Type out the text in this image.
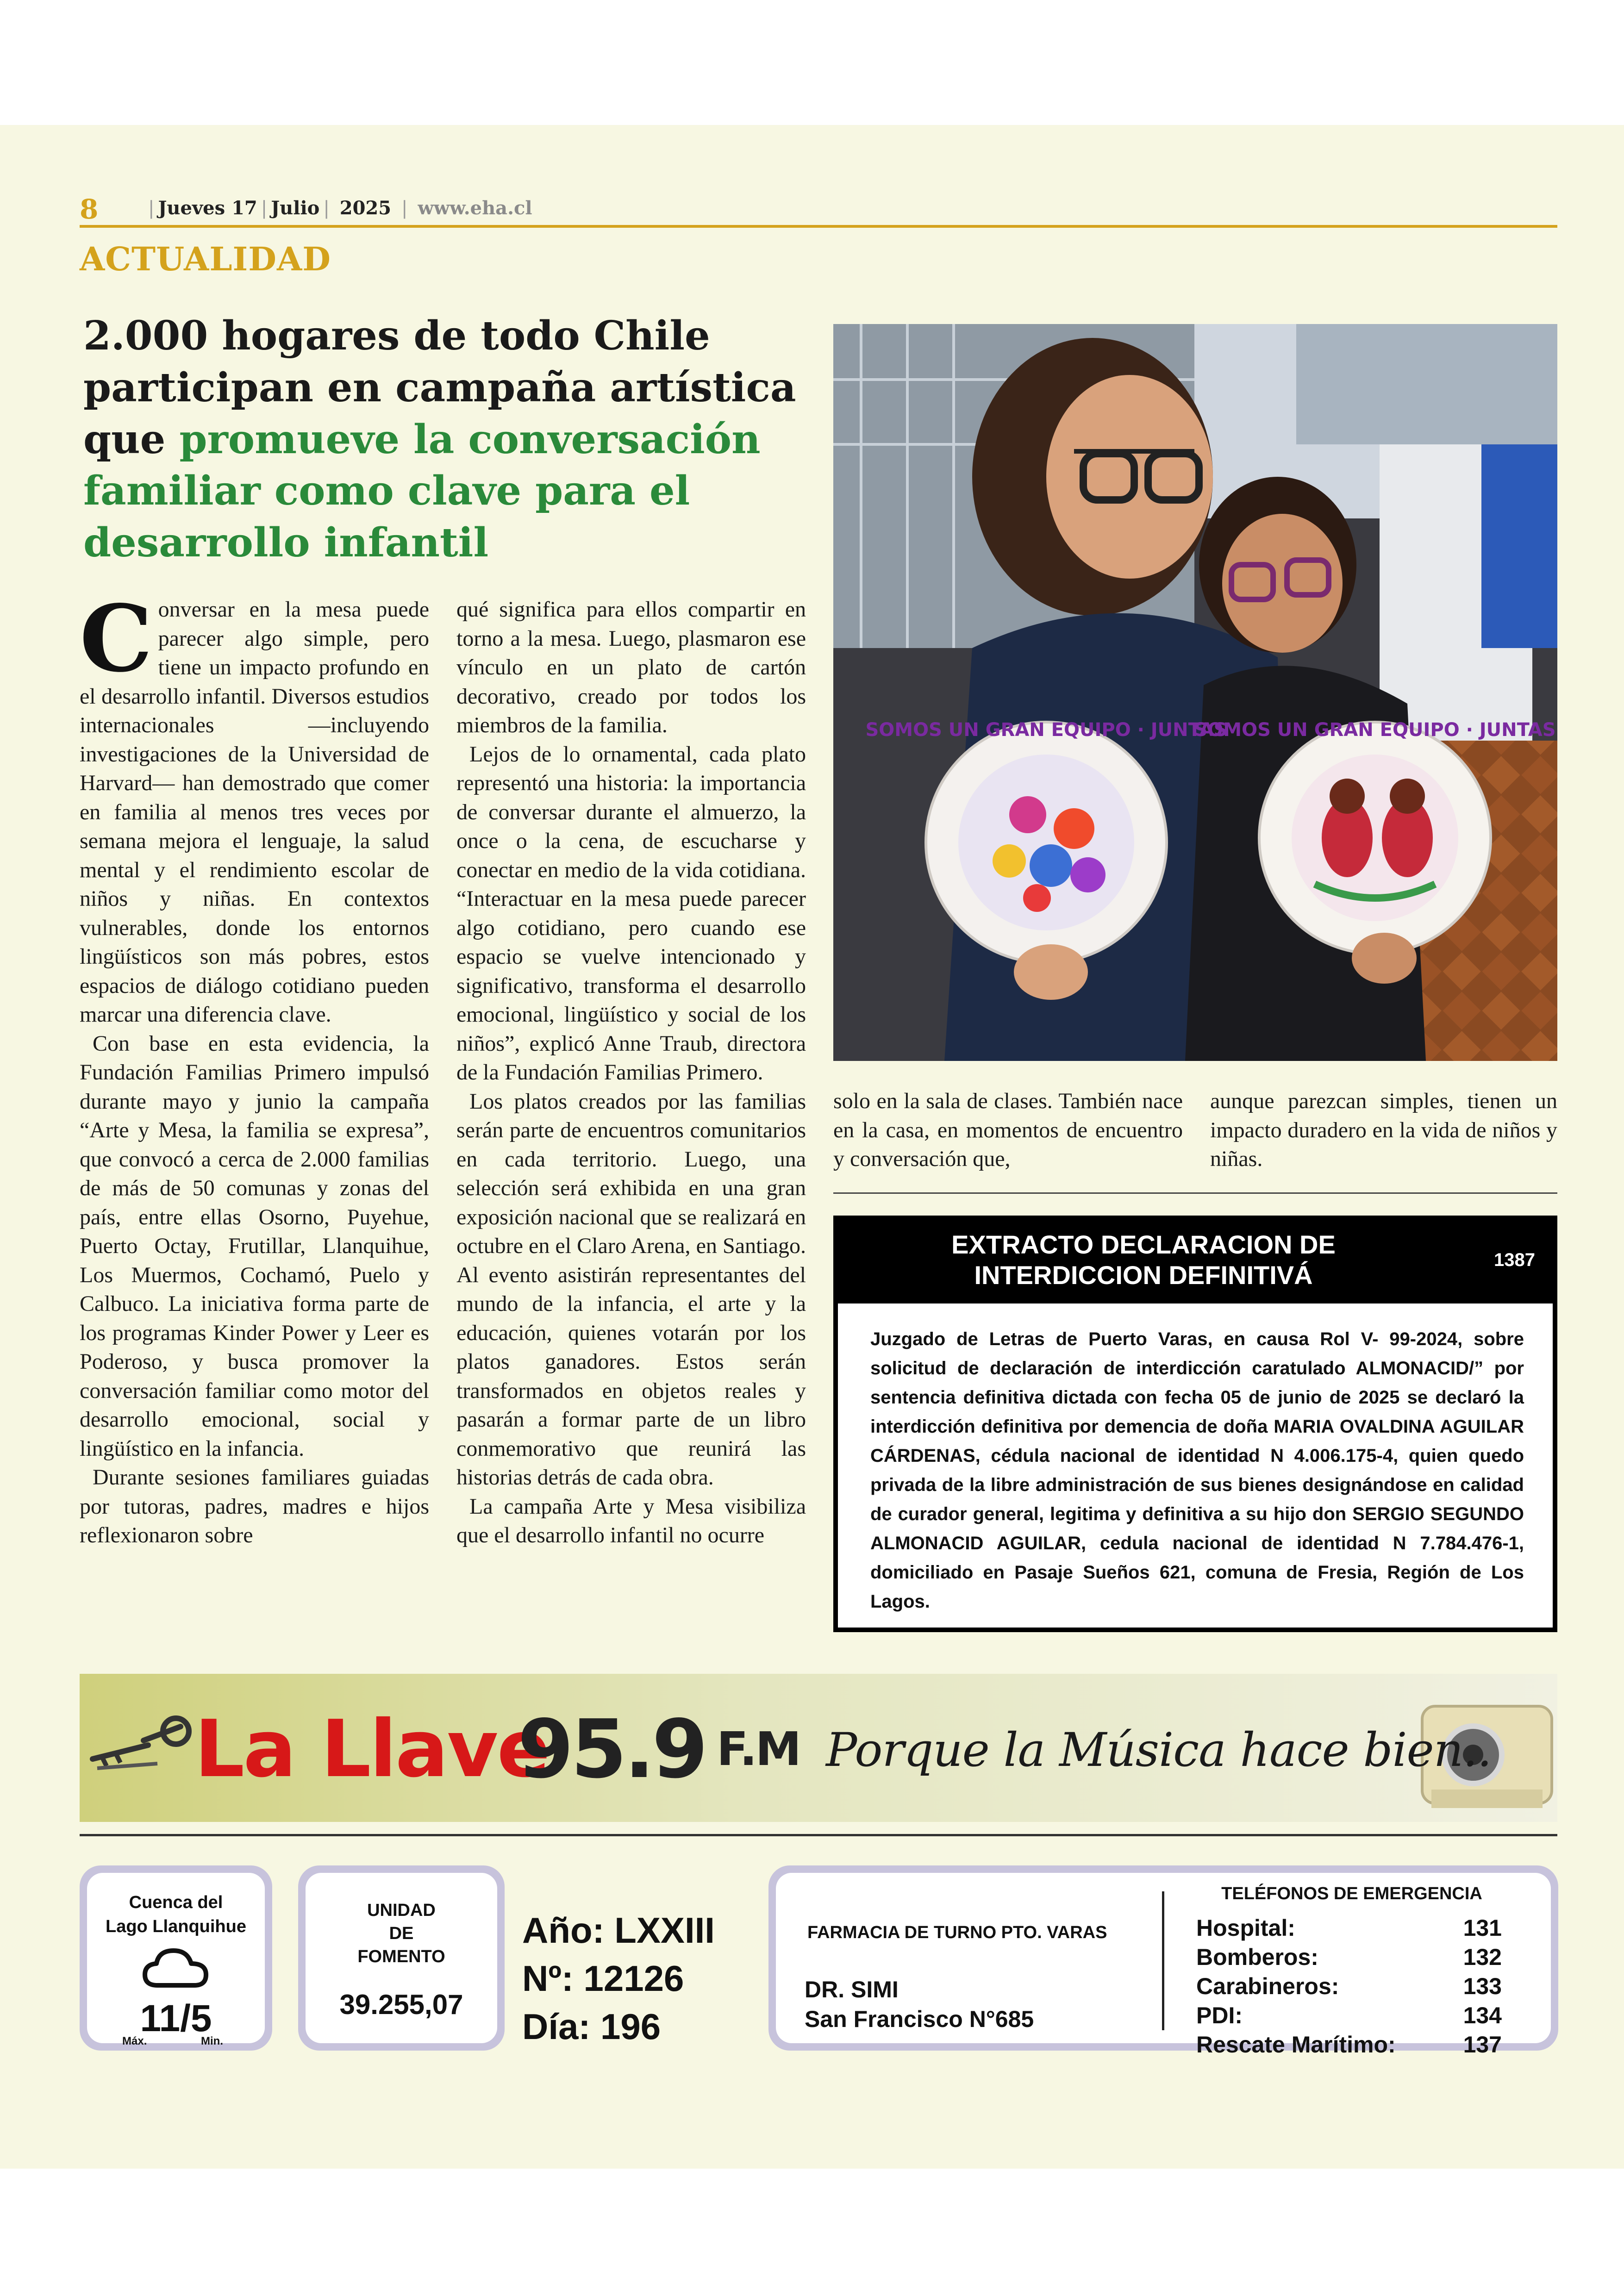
8	| Jueves 17 | Julio | 2025 | www.eha.cl
ACTUALIDAD
2.000 hogares de todo Chile participan en campaña artística que promueve la conversación familiar como clave para el desarrollo infantil

Conversar en la mesa puede parecer algo simple, pero tiene un impacto profundo en el desarrollo infantil. Diversos estudios internacionales —incluyendo investigaciones de la Universidad de Harvard— han demostrado que comer en familia al menos tres veces por semana mejora el lenguaje, la salud mental y el rendimiento escolar de niños y niñas. En contextos vulnerables, donde los entornos lingüísticos son más pobres, estos espacios de diálogo cotidiano pueden marcar una diferencia clave.

Con base en esta evidencia, la Fundación Familias Primero impulsó durante mayo y junio la campaña “Arte y Mesa, la familia se expresa”, que convocó a cerca de 2.000 familias de más de 50 comunas y zonas del país, entre ellas Osorno, Puyehue, Puerto Octay, Frutillar, Llanquihue, Los Muermos, Cochamó, Puelo y Calbuco. La iniciativa forma parte de los programas Kinder Power y Leer es Poderoso, y busca promover la conversación familiar como motor del desarrollo emocional, social y lingüístico en la infancia.

Durante sesiones familiares guiadas por tutoras, padres, madres e hijos reflexionaron sobre

qué significa para ellos compartir en torno a la mesa. Luego, plasmaron ese vínculo en un plato de cartón decorativo, creado por todos los miembros de la familia.

Lejos de lo ornamental, cada plato representó una historia: la importancia de conversar durante el almuerzo, la once o la cena, de escucharse y conectar en medio de la vida cotidiana. “Interactuar en la mesa puede parecer algo cotidiano, pero cuando ese espacio se vuelve intencionado y significativo, transforma el desarrollo emocional, lingüístico y social de los niños”, explicó Anne Traub, directora de la Fundación Familias Primero.

Los platos creados por las familias serán parte de encuentros comunitarios en cada territorio. Luego, una selección será exhibida en una gran exposición nacional que se realizará en octubre en el Claro Arena, en Santiago. Al evento asistirán representantes del mundo de la infancia, el arte y la educación, quienes votarán por los platos ganadores. Estos serán transformados en objetos reales y pasarán a formar parte de un libro conmemorativo que reunirá las historias detrás de cada obra.

La campaña Arte y Mesa visibiliza que el desarrollo infantil no ocurre

SOMOS UN GRAN EQUIPO · JUNTAS
SOMOS UN GRAN EQUIPO · JUNTAS

solo en la sala de clases. También nace en la casa, en momentos de encuentro y conversación que,

aunque parezcan simples, tienen un impacto duradero en la vida de niños y niñas.

EXTRACTO DECLARACION DE
INTERDICCION DEFINITIVÁ
1387
Juzgado de Letras de Puerto Varas, en causa Rol V- 99-2024, sobre solicitud de declaración de interdicción caratulado ALMONACID/” por sentencia definitiva dictada con fecha 05 de junio de 2025 se declaró la interdicción definitiva por demencia de doña MARIA OVALDINA AGUILAR CÁRDENAS, cédula nacional de identidad N 4.006.175-4, quien quedo privada de la libre administración de sus bienes designándose en calidad de curador general, legitima y definitiva a su hijo don SERGIO SEGUNDO ALMONACID AGUILAR, cedula nacional de identidad N 7.784.476-1, domiciliado en Pasaje Sueños 621, comuna de Fresia, Región de Los Lagos.
La Llave
95.9 F.M Porque la Música hace bien..
Cuenca del
Lago Llanquihue
11/5
Máx.	Min.
UNIDAD
DE
FOMENTO
39.255,07
Año: LXXIII
Nº: 12126
Día: 196
FARMACIA DE TURNO PTO. VARAS
DR. SIMI
San Francisco N°685
TELÉFONOS DE EMERGENCIA
Hospital:	131
Bomberos:	132
Carabineros:	133
PDI:	134
Rescate Marítimo:	137
